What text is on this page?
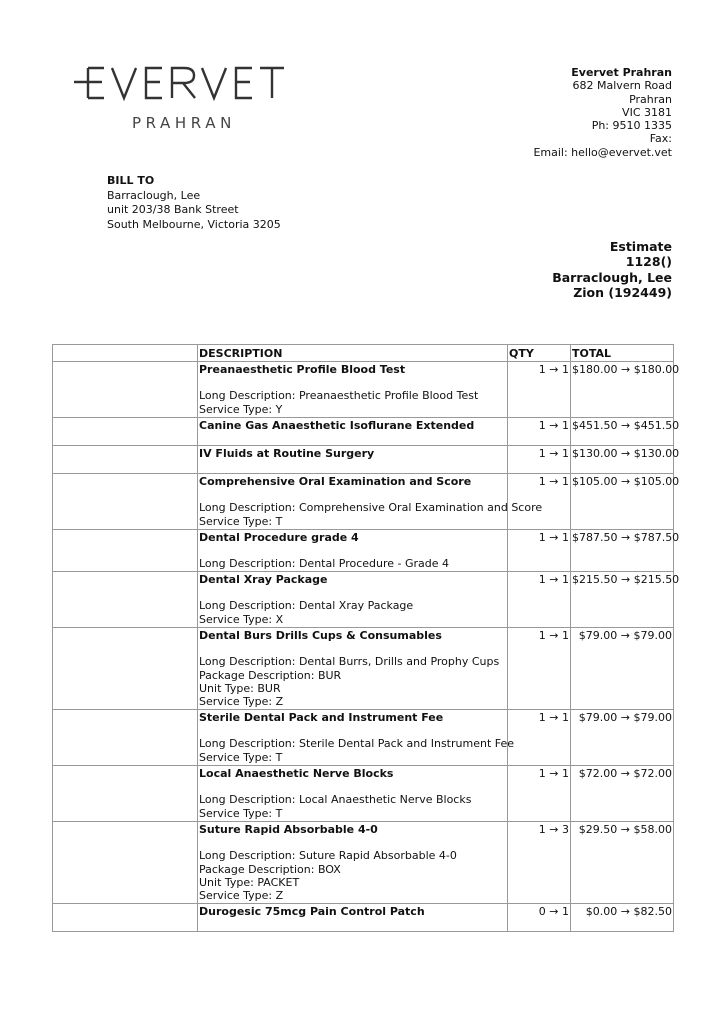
PRAHRAN
Evervet Prahran
682 Malvern Road
Prahran
VIC 3181
Ph: 9510 1335
Fax:
Email: hello@evervet.vet
BILL TO
Barraclough, Lee
unit 203/38 Bank Street
South Melbourne, Victoria 3205
Estimate
1128()
Barraclough, Lee
Zion (192449)
	DESCRIPTION	QTY	TOTAL

	Preanaesthetic Profile Blood Test
Long Description: Preanaesthetic Profile Blood Test
Service Type: Y	1 → 1	$180.00 → $180.00

	Canine Gas Anaesthetic Isoflurane Extended	1 → 1	$451.50 → $451.50

	IV Fluids at Routine Surgery	1 → 1	$130.00 → $130.00

	Comprehensive Oral Examination and Score
Long Description: Comprehensive Oral Examination and Score
Service Type: T	1 → 1	$105.00 → $105.00

	Dental Procedure grade 4
Long Description: Dental Procedure - Grade 4	1 → 1	$787.50 → $787.50

	Dental Xray Package
Long Description: Dental Xray Package
Service Type: X	1 → 1	$215.50 → $215.50

	Dental Burs Drills Cups & Consumables
Long Description: Dental Burrs, Drills and Prophy Cups
Package Description: BUR
Unit Type: BUR
Service Type: Z	1 → 1	$79.00 → $79.00

	Sterile Dental Pack and Instrument Fee
Long Description: Sterile Dental Pack and Instrument Fee
Service Type: T	1 → 1	$79.00 → $79.00

	Local Anaesthetic Nerve Blocks
Long Description: Local Anaesthetic Nerve Blocks
Service Type: T	1 → 1	$72.00 → $72.00

	Suture Rapid Absorbable 4-0
Long Description: Suture Rapid Absorbable 4-0
Package Description: BOX
Unit Type: PACKET
Service Type: Z	1 → 3	$29.50 → $58.00

	Durogesic 75mcg Pain Control Patch	0 → 1	$0.00 → $82.50
